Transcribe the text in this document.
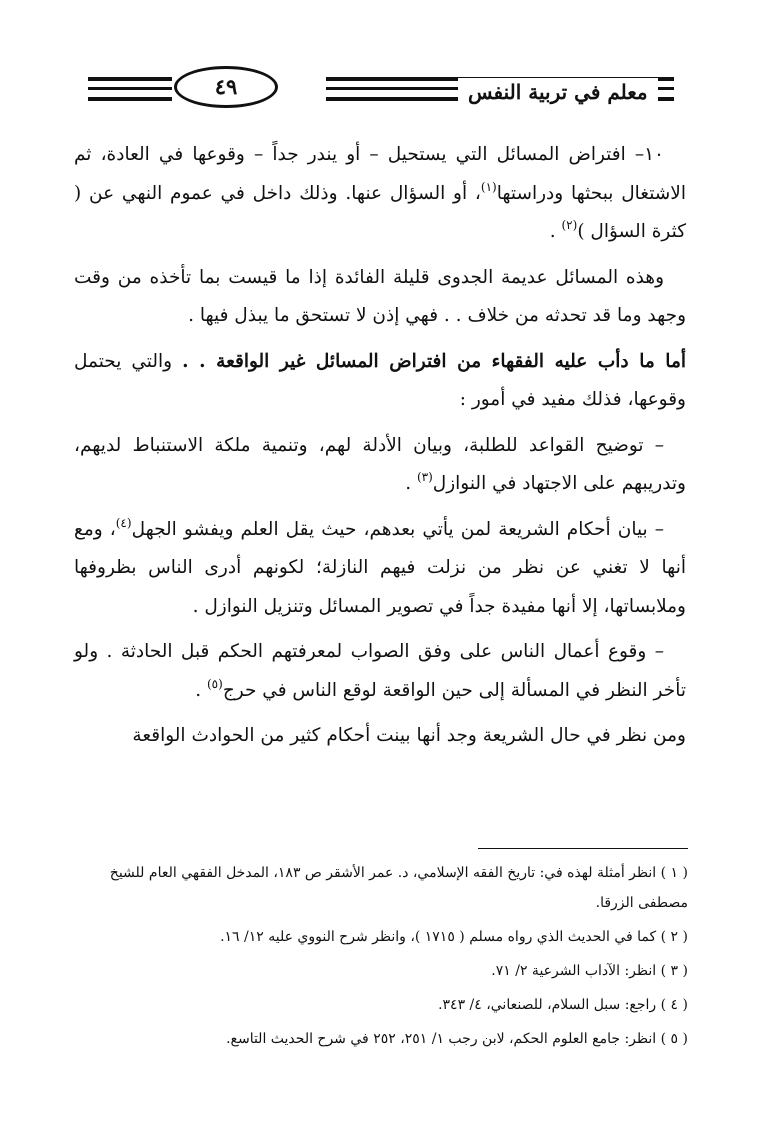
٤٩	معلم في تربية النفس

١٠– افتراض المسائل التي يستحيل – أو يندر جداً – وقوعها في العادة، ثم الاشتغال ببحثها ودراستها$^{(١)}$، أو السؤال عنها. وذلك داخل في عموم النهي عن ( كثرة السؤال )$^{(٢)}$ .

وهذه المسائل عديمة الجدوى قليلة الفائدة إذا ما قيست بما تأخذه من وقت وجهد وما قد تحدثه من خلاف . . فهي إذن لا تستحق ما يبذل فيها .

أما ما دأب عليه الفقهاء من افتراض المسائل غير الواقعة . . والتي يحتمل وقوعها، فذلك مفيد في أمور :

– توضيح القواعد للطلبة، وبيان الأدلة لهم، وتنمية ملكة الاستنباط لديهم، وتدريبهم على الاجتهاد في النوازل$^{(٣)}$ .

– بيان أحكام الشريعة لمن يأتي بعدهم، حيث يقل العلم ويفشو الجهل$^{(٤)}$، ومع أنها لا تغني عن نظر من نزلت فيهم النازلة؛ لكونهم أدرى الناس بظروفها وملابساتها، إلا أنها مفيدة جداً في تصوير المسائل وتنزيل النوازل .

– وقوع أعمال الناس على وفق الصواب لمعرفتهم الحكم قبل الحادثة . ولو تأخر النظر في المسألة إلى حين الواقعة لوقع الناس في حرج$^{(٥)}$ .

ومن نظر في حال الشريعة وجد أنها بينت أحكام كثير من الحوادث الواقعة

( ١ ) انظر أمثلة لهذه في: تاريخ الفقه الإسلامي، د. عمر الأشقر ص ١٨٣، المدخل الفقهي العام للشيخ مصطفى الزرقا.
( ٢ ) كما في الحديث الذي رواه مسلم ( ١٧١٥ )، وانظر شرح النووي عليه ١٢/ ١٦.
( ٣ ) انظر: الآداب الشرعية ٢/ ٧١.
( ٤ ) راجع: سبل السلام، للصنعاني، ٤/ ٣٤٣.
( ٥ ) انظر: جامع العلوم الحكم، لابن رجب ١/ ٢٥١، ٢٥٢ في شرح الحديث التاسع.
